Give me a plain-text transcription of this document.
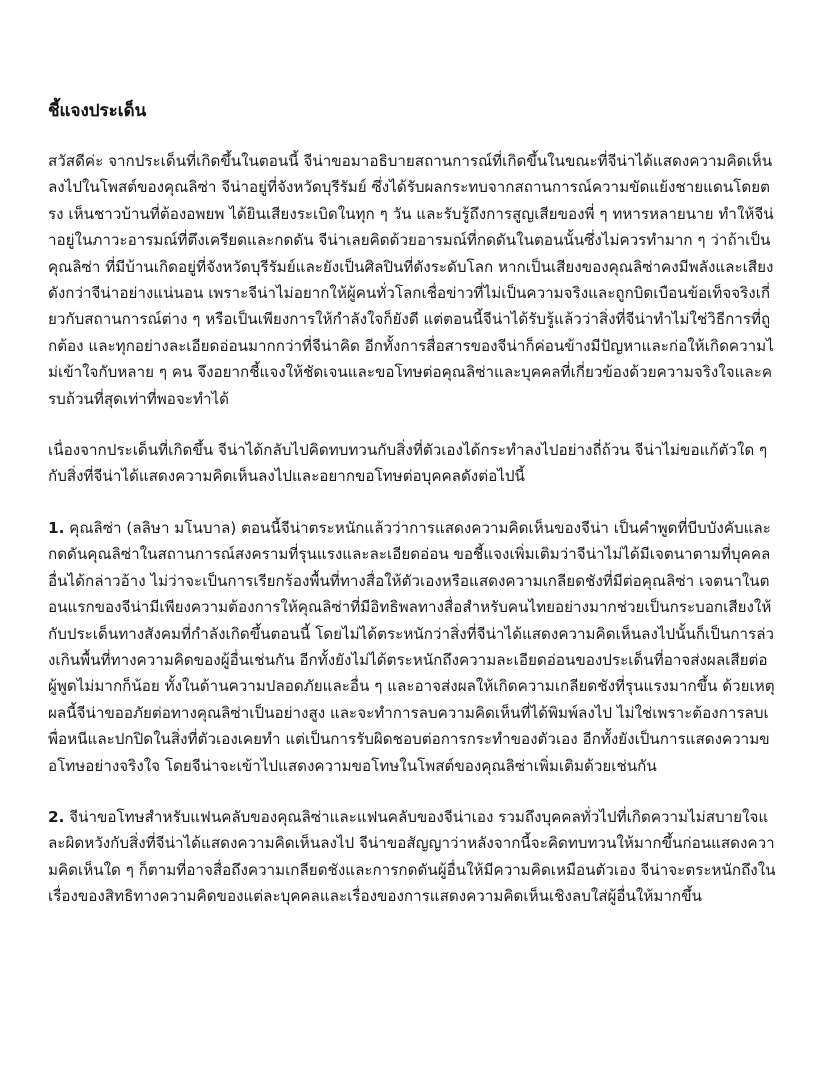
ชี้แจงประเด็น

สวัสดีค่ะ จากประเด็นที่เกิดขึ้นในตอนนี้ จีน่าขอมาอธิบายสถานการณ์ที่เกิดขึ้นในขณะที่จีน่าได้แสดงความคิดเห็นลงไปในโพสต์ของคุณลิซ่า จีน่าอยู่ที่จังหวัดบุรีรัมย์ ซึ่งได้รับผลกระทบจากสถานการณ์ความขัดแย้งชายแดนโดยตรง เห็นชาวบ้านที่ต้องอพยพ ได้ยินเสียงระเบิดในทุก ๆ วัน และรับรู้ถึงการสูญเสียของพี่ ๆ ทหารหลายนาย ทำให้จีน่าอยู่ในภาวะอารมณ์ที่ตึงเครียดและกดดัน จีน่าเลยคิดด้วยอารมณ์ที่กดดันในตอนนั้นซึ่งไม่ควรทำมาก ๆ ว่าถ้าเป็นคุณลิซ่า ที่มีบ้านเกิดอยู่ที่จังหวัดบุรีรัมย์และยังเป็นศิลปินที่ดังระดับโลก หากเป็นเสียงของคุณลิซ่าคงมีพลังและเสียงดังกว่าจีน่าอย่างแน่นอน เพราะจีน่าไม่อยากให้ผู้คนทั่วโลกเชื่อข่าวที่ไม่เป็นความจริงและถูกบิดเบือนข้อเท็จจริงเกี่ยวกับสถานการณ์ต่าง ๆ หรือเป็นเพียงการให้กำลังใจก็ยังดี แต่ตอนนี้จีน่าได้รับรู้แล้วว่าสิ่งที่จีน่าทำไม่ใช่วิธีการที่ถูกต้อง และทุกอย่างละเอียดอ่อนมากกว่าที่จีน่าคิด อีกทั้งการสื่อสารของจีน่าก็ค่อนข้างมีปัญหาและก่อให้เกิดความไม่เข้าใจกับหลาย ๆ คน จึงอยากชี้แจงให้ชัดเจนและขอโทษต่อคุณลิซ่าและบุคคลที่เกี่ยวข้องด้วยความจริงใจและครบถ้วนที่สุดเท่าที่พอจะทำได้

เนื่องจากประเด็นที่เกิดขึ้น จีน่าได้กลับไปคิดทบทวนกับสิ่งที่ตัวเองได้กระทำลงไปอย่างถี่ถ้วน จีน่าไม่ขอแก้ตัวใด ๆ กับสิ่งที่จีน่าได้แสดงความคิดเห็นลงไปและอยากขอโทษต่อบุคคลดังต่อไปนี้

1. คุณลิซ่า (ลลิษา มโนบาล) ตอนนี้จีน่าตระหนักแล้วว่าการแสดงความคิดเห็นของจีน่า เป็นคำพูดที่บีบบังคับและกดดันคุณลิซ่าในสถานการณ์สงครามที่รุนแรงและละเอียดอ่อน ขอชี้แจงเพิ่มเติมว่าจีน่าไม่ได้มีเจตนาตามที่บุคคลอื่นได้กล่าวอ้าง ไม่ว่าจะเป็นการเรียกร้องพื้นที่ทางสื่อให้ตัวเองหรือแสดงความเกลียดชังที่มีต่อคุณลิซ่า เจตนาในตอนแรกของจีน่ามีเพียงความต้องการให้คุณลิซ่าที่มีอิทธิพลทางสื่อสำหรับคนไทยอย่างมากช่วยเป็นกระบอกเสียงให้กับประเด็นทางสังคมที่กำลังเกิดขึ้นตอนนี้ โดยไม่ได้ตระหนักว่าสิ่งที่จีน่าได้แสดงความคิดเห็นลงไปนั้นก็เป็นการล่วงเกินพื้นที่ทางความคิดของผู้อื่นเช่นกัน อีกทั้งยังไม่ได้ตระหนักถึงความละเอียดอ่อนของประเด็นที่อาจส่งผลเสียต่อผู้พูดไม่มากก็น้อย ทั้งในด้านความปลอดภัยและอื่น ๆ และอาจส่งผลให้เกิดความเกลียดชังที่รุนแรงมากขึ้น ด้วยเหตุผลนี้จีน่าขออภัยต่อทางคุณลิซ่าเป็นอย่างสูง และจะทำการลบความคิดเห็นที่ได้พิมพ์ลงไป ไม่ใช่เพราะต้องการลบเพื่อหนีและปกปิดในสิ่งที่ตัวเองเคยทำ แต่เป็นการรับผิดชอบต่อการกระทำของตัวเอง อีกทั้งยังเป็นการแสดงความขอโทษอย่างจริงใจ โดยจีน่าจะเข้าไปแสดงความขอโทษในโพสต์ของคุณลิซ่าเพิ่มเติมด้วยเช่นกัน

2. จีน่าขอโทษสำหรับแฟนคลับของคุณลิซ่าและแฟนคลับของจีน่าเอง รวมถึงบุคคลทั่วไปที่เกิดความไม่สบายใจและผิดหวังกับสิ่งที่จีน่าได้แสดงความคิดเห็นลงไป จีน่าขอสัญญาว่าหลังจากนี้จะคิดทบทวนให้มากขึ้นก่อนแสดงความคิดเห็นใด ๆ ก็ตามที่อาจสื่อถึงความเกลียดชังและการกดดันผู้อื่นให้มีความคิดเหมือนตัวเอง จีน่าจะตระหนักถึงในเรื่องของสิทธิทางความคิดของแต่ละบุคคลและเรื่องของการแสดงความคิดเห็นเชิงลบใส่ผู้อื่นให้มากขึ้น
